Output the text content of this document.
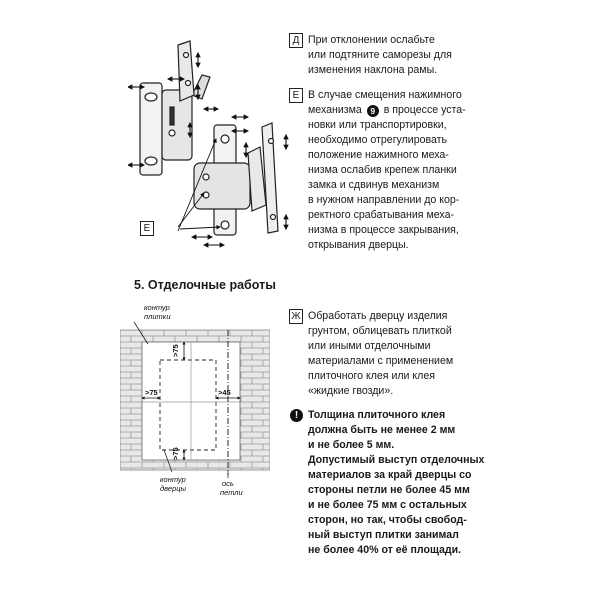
Е
Д При отклонении ослабьте
или подтяните саморезы для
изменения наклона рамы.
Е В случае смещения нажимного
механизма 9 в процессе уста-
новки или транспортировки,
необходимо отрегулировать
положение нажимного меха-
низма ослабив крепеж планки
замка и сдвинув механизм
в нужном направлении до кор-
ректного срабатывания меха-
низма в процессе закрывания,
открывания дверцы.
5. Отделочные работы
контур
плитки
>75
>75	>45
>75
контур
дверцы
ось
петли
Ж Обработать дверцу изделия
грунтом, облицевать плиткой
или иными отделочными
материалами с применением
плиточного клея или клея
«жидкие гвозди».
! Толщина плиточного клея
должна быть не менее 2 мм
и не более 5 мм.
Допустимый выступ отделочных
материалов за край дверцы со
стороны петли не более 45 мм
и не более 75 мм с остальных
сторон, но так, чтобы свобод-
ный выступ плитки занимал
не более 40% от её площади.
